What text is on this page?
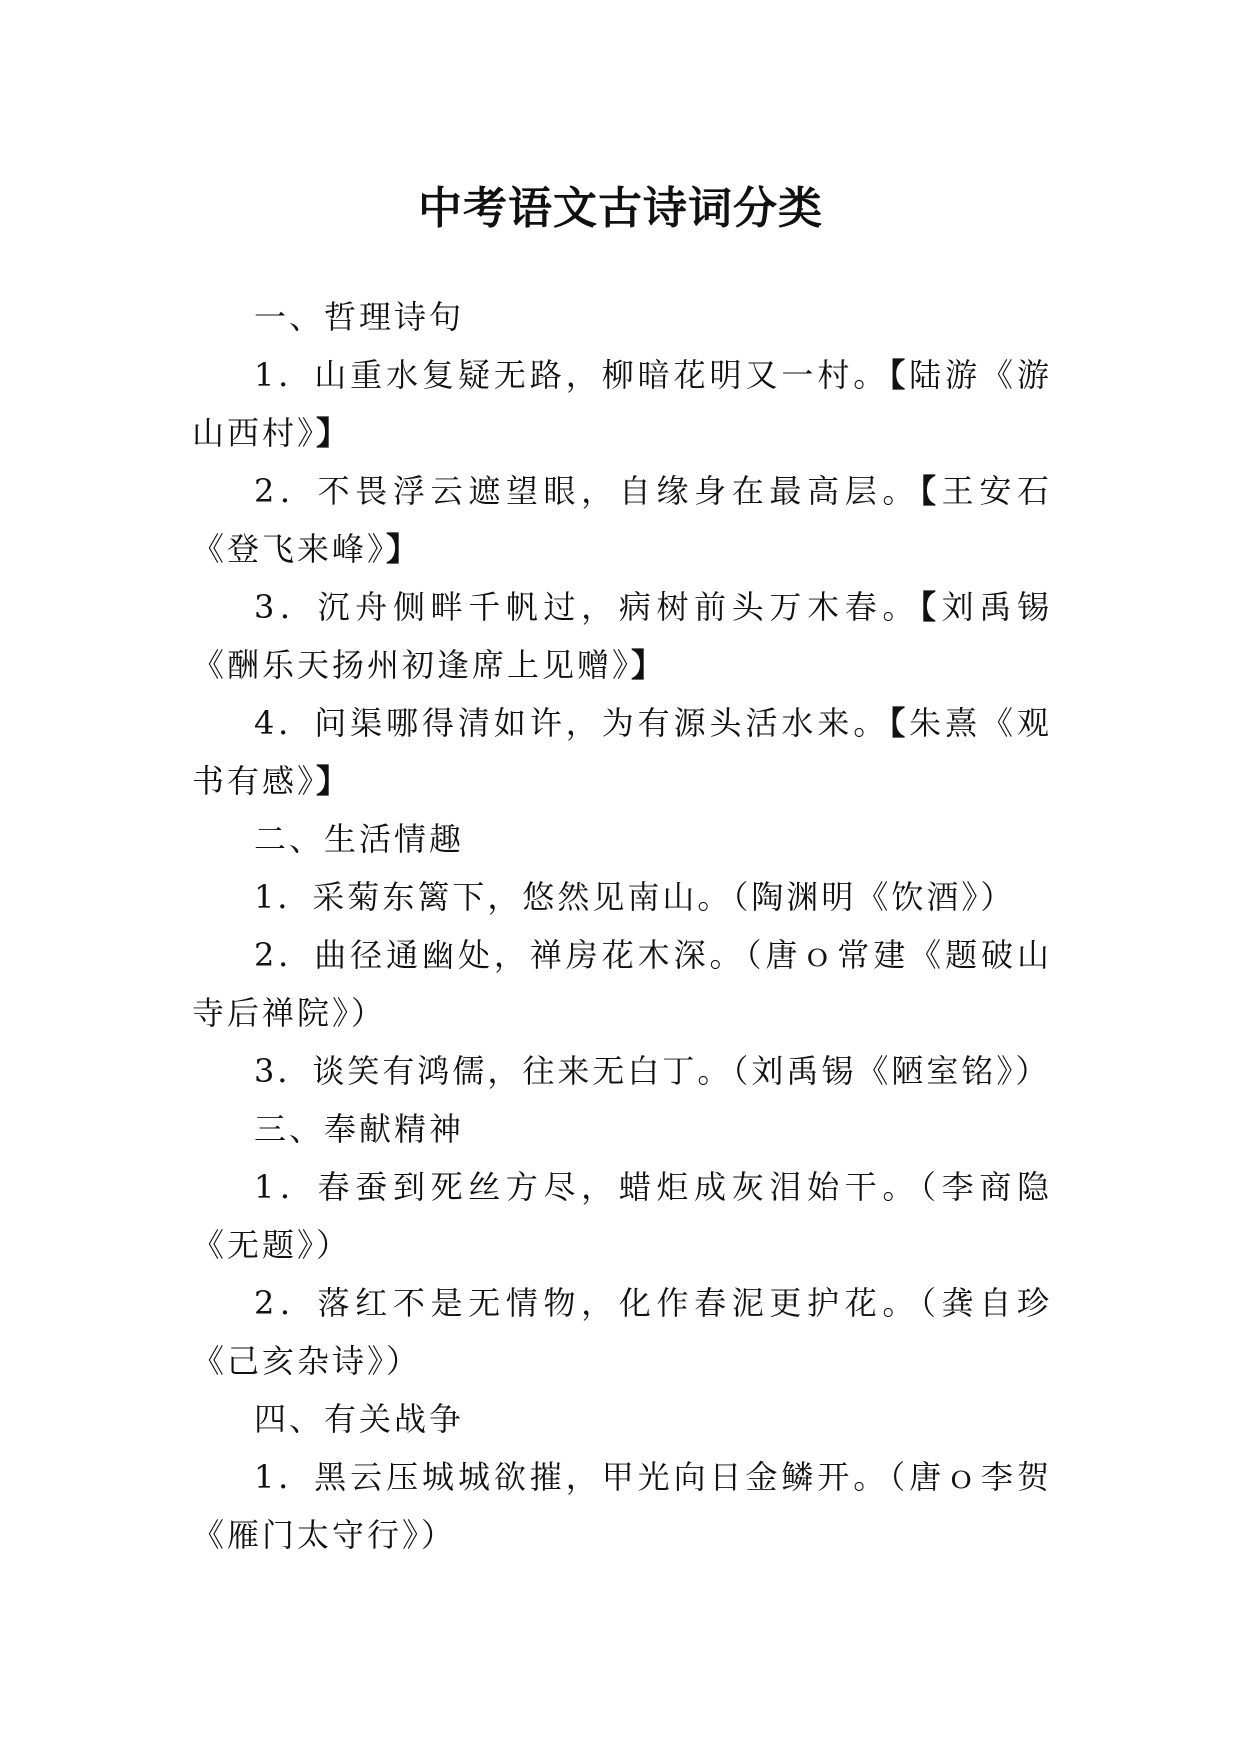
中考语文古诗词分类

一、哲理诗句

1．山重水复疑无路，柳暗花明又一村。【陆游《游山西村》】

2．不畏浮云遮望眼，自缘身在最高层。【王安石《登飞来峰》】

3．沉舟侧畔千帆过，病树前头万木春。【刘禹锡《酬乐天扬州初逢席上见赠》】

4．问渠哪得清如许，为有源头活水来。【朱熹《观书有感》】

二、生活情趣

1．采菊东篱下，悠然见南山。（陶渊明《饮酒》）

2．曲径通幽处，禅房花木深。（唐ｏ常建《题破山寺后禅院》）

3．谈笑有鸿儒，往来无白丁。（刘禹锡《陋室铭》）

三、奉献精神

1．春蚕到死丝方尽，蜡炬成灰泪始干。（李商隐《无题》）

2．落红不是无情物，化作春泥更护花。（龚自珍《己亥杂诗》）

四、有关战争

1．黑云压城城欲摧，甲光向日金鳞开。（唐ｏ李贺《雁门太守行》）
